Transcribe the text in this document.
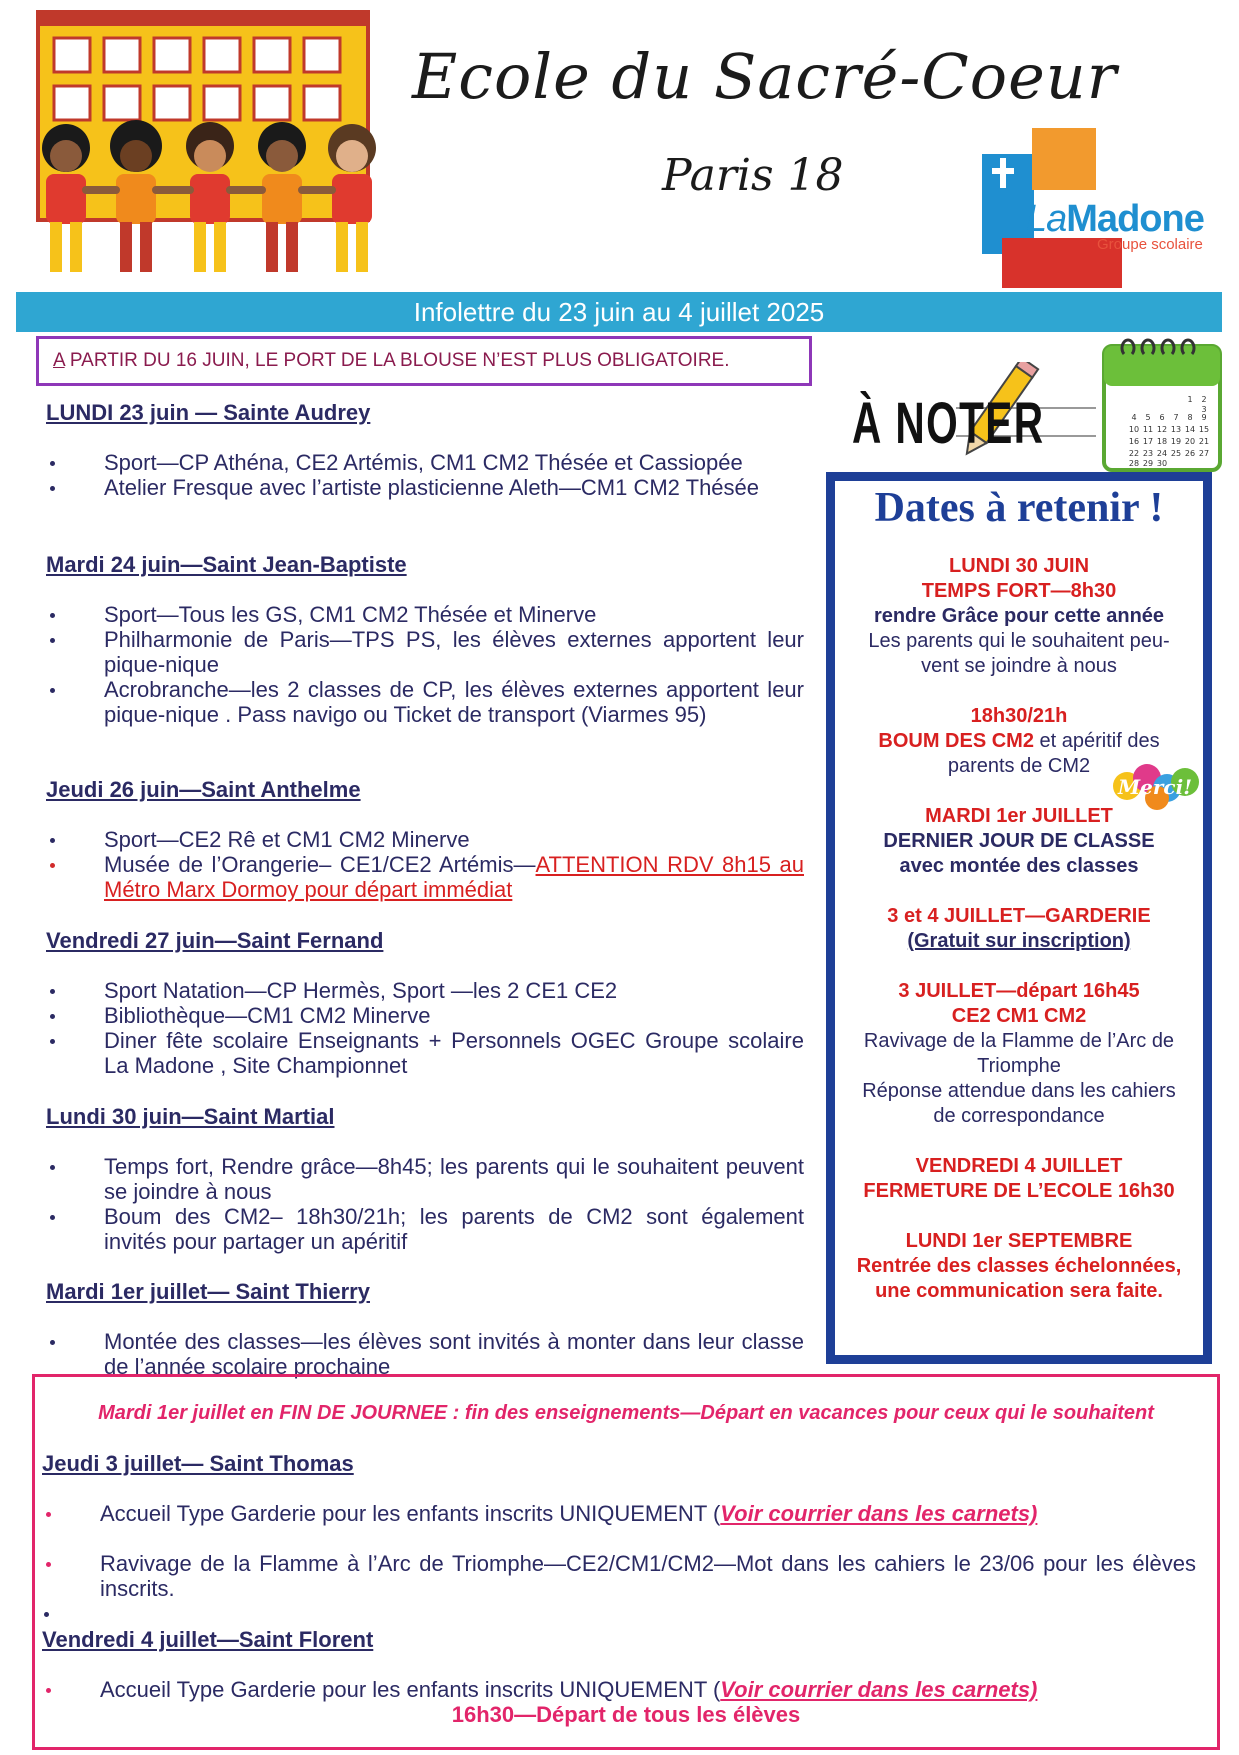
Ecole du Sacré-Coeur
Paris 18
LaMadone
Groupe scolaire
Infolettre du 23 juin au 4 juillet 2025
A PARTIR DU 16 JUIN, LE PORT DE LA BLOUSE N’EST PLUS OBLIGATOIRE.
LUNDI 23 juin — Sainte Audrey
Sport—CP Athéna, CE2 Artémis, CM1 CM2 Thésée et Cassiopée
Atelier Fresque avec l’artiste plasticienne Aleth—CM1 CM2 Thésée
Mardi 24 juin—Saint Jean-Baptiste
Sport—Tous les GS, CM1 CM2 Thésée et Minerve
Philharmonie de Paris—TPS PS, les élèves externes apportent leur pique-nique
Acrobranche—les 2 classes de CP, les élèves externes apportent leur pique-nique . Pass navigo ou Ticket de transport (Viarmes 95)
Jeudi 26 juin—Saint Anthelme
Sport—CE2 Rê et CM1 CM2 Minerve
Musée de l’Orangerie– CE1/CE2 Artémis—ATTENTION RDV 8h15 au Métro Marx Dormoy pour départ immédiat
Vendredi 27 juin—Saint Fernand
Sport Natation—CP Hermès, Sport —les 2 CE1 CE2
Bibliothèque—CM1 CM2 Minerve
Diner fête scolaire Enseignants + Personnels OGEC Groupe scolaire La Madone , Site Championnet
Lundi 30 juin—Saint Martial
Temps fort, Rendre grâce—8h45; les parents qui le souhaitent peuvent se joindre à nous
Boum des CM2– 18h30/21h; les parents de CM2 sont également invités pour partager un apéritif
Mardi 1er juillet— Saint Thierry
Montée des classes—les élèves sont invités à monter dans leur classe de l’année scolaire prochaine
À NOTER	1 2
3
4 5 6 7 8 9
10 11 12 13 14 15
16 17 18 19 20 21
22 23 24 25 26 27
28 29 30
Dates à retenir !
LUNDI 30 JUIN
TEMPS FORT—8h30
rendre Grâce pour cette année
Les parents qui le souhaitent peu-
vent se joindre à nous
18h30/21h
BOUM DES CM2 et apéritif des
parents de CM2
Merci!
MARDI 1er JUILLET
DERNIER JOUR DE CLASSE
avec montée des classes
3 et 4 JUILLET—GARDERIE
(Gratuit sur inscription)
3 JUILLET—départ 16h45
CE2 CM1 CM2
Ravivage de la Flamme de l’Arc de
Triomphe
Réponse attendue dans les cahiers
de correspondance
VENDREDI 4 JUILLET
FERMETURE DE L’ECOLE 16h30
LUNDI 1er SEPTEMBRE
Rentrée des classes échelonnées,
une communication sera faite.
Mardi 1er juillet en FIN DE JOURNEE : fin des enseignements—Départ en vacances pour ceux qui le souhaitent
Jeudi 3 juillet— Saint Thomas
Accueil Type Garderie pour les enfants inscrits UNIQUEMENT (Voir courrier dans les carnets)
Ravivage de la Flamme à l’Arc de Triomphe—CE2/CM1/CM2—Mot dans les cahiers le 23/06 pour les élèves inscrits.
Vendredi 4 juillet—Saint Florent
Accueil Type Garderie pour les enfants inscrits UNIQUEMENT (Voir courrier dans les carnets)
16h30—Départ de tous les élèves
